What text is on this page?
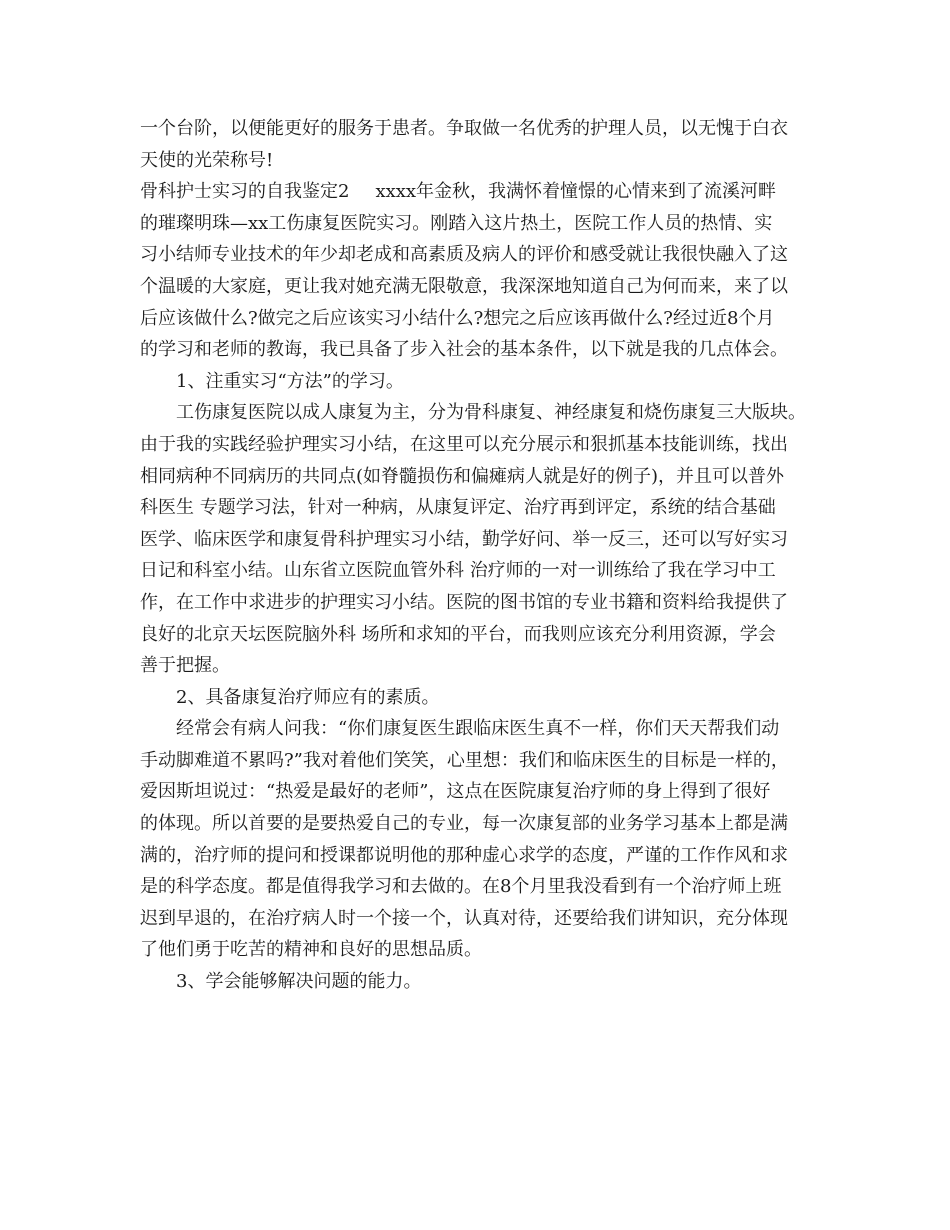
一个台阶，以便能更好的服务于患者。争取做一名优秀的护理人员，以无愧于白衣
天使的光荣称号!
骨科护士实习的自我鉴定2 xxxx年金秋，我满怀着憧憬的心情来到了流溪河畔
的璀璨明珠—xx工伤康复医院实习。刚踏入这片热土，医院工作人员的热情、实
习小结师专业技术的年少却老成和高素质及病人的评价和感受就让我很快融入了这
个温暖的大家庭，更让我对她充满无限敬意，我深深地知道自己为何而来，来了以
后应该做什么?做完之后应该实习小结什么?想完之后应该再做什么?经过近8个月
的学习和老师的教诲，我已具备了步入社会的基本条件，以下就是我的几点体会。
　　1、注重实习“方法”的学习。
　　工伤康复医院以成人康复为主，分为骨科康复、神经康复和烧伤康复三大版块。
由于我的实践经验护理实习小结，在这里可以充分展示和狠抓基本技能训练，找出
相同病种不同病历的共同点(如脊髓损伤和偏瘫病人就是好的例子)，并且可以普外
科医生 专题学习法，针对一种病，从康复评定、治疗再到评定，系统的结合基础
医学、临床医学和康复骨科护理实习小结，勤学好问、举一反三，还可以写好实习
日记和科室小结。山东省立医院血管外科 治疗师的一对一训练给了我在学习中工
作，在工作中求进步的护理实习小结。医院的图书馆的专业书籍和资料给我提供了
良好的北京天坛医院脑外科 场所和求知的平台，而我则应该充分利用资源，学会
善于把握。
　　2、具备康复治疗师应有的素质。
　　经常会有病人问我：“你们康复医生跟临床医生真不一样，你们天天帮我们动
手动脚难道不累吗?”我对着他们笑笑，心里想：我们和临床医生的目标是一样的，
爱因斯坦说过：“热爱是最好的老师”，这点在医院康复治疗师的身上得到了很好
的体现。所以首要的是要热爱自己的专业，每一次康复部的业务学习基本上都是满
满的，治疗师的提问和授课都说明他的那种虚心求学的态度，严谨的工作作风和求
是的科学态度。都是值得我学习和去做的。在8个月里我没看到有一个治疗师上班
迟到早退的，在治疗病人时一个接一个，认真对待，还要给我们讲知识，充分体现
了他们勇于吃苦的精神和良好的思想品质。
　　3、学会能够解决问题的能力。
